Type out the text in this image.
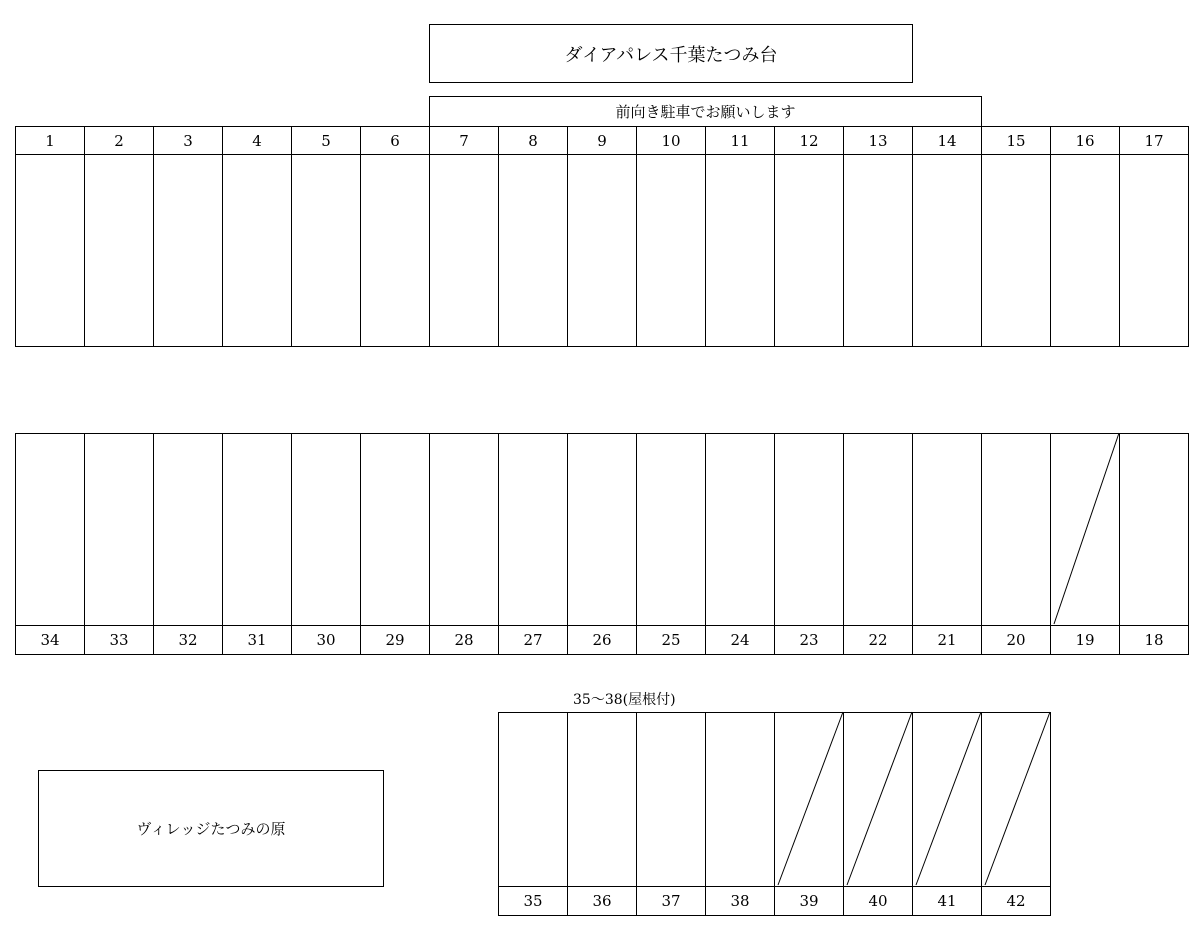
ダイアパレス千葉たつみ台
前向き駐車でお願いします
35〜38(屋根付)
ヴィレッジたつみの原
1	2	3	4	5	6	7	8	9	10	11	12	13	14	15	16	17
34	33	32	31	30	29	28	27	26	25	24	23	22	21	20	19	18
35	36	37	38	39	40	41	42
